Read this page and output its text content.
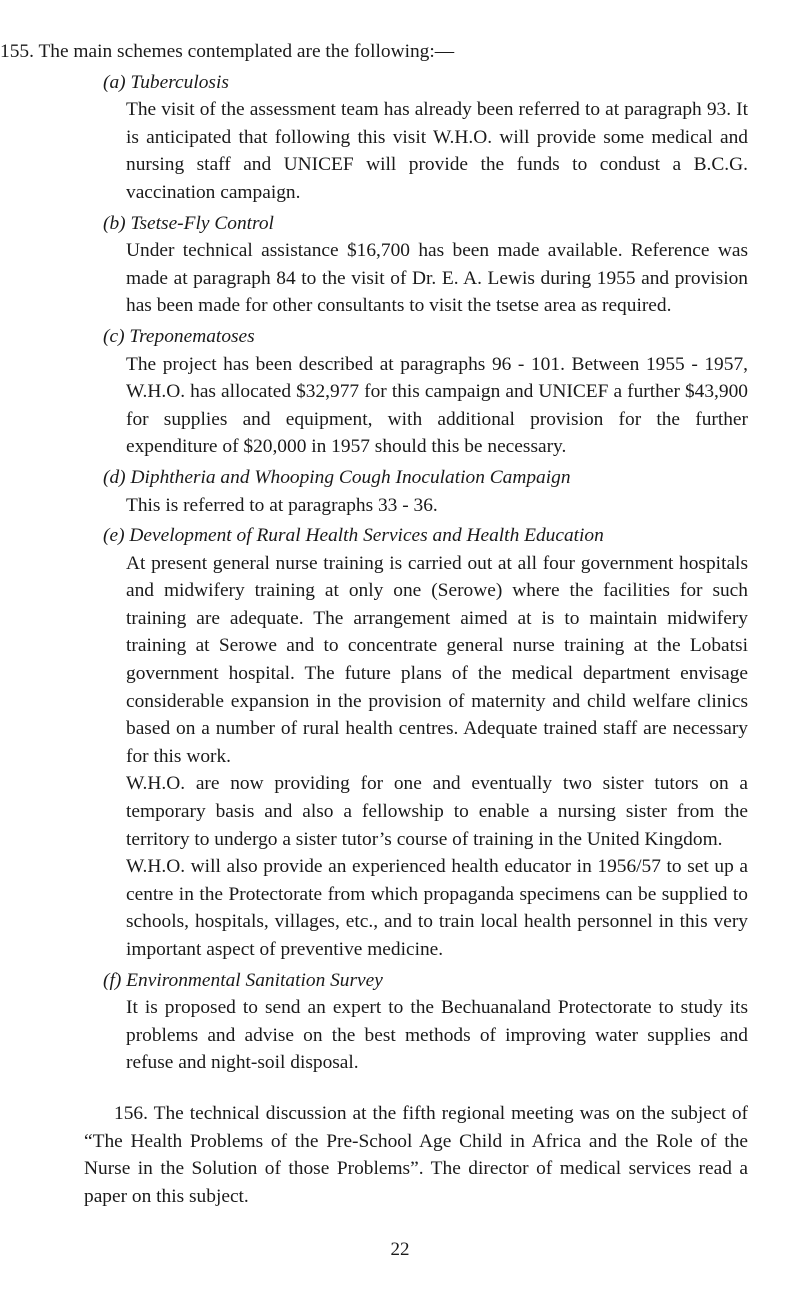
155. The main schemes contemplated are the following:—

(a) Tuberculosis

The visit of the assessment team has already been referred to at paragraph 93. It is anticipated that following this visit W.H.O. will provide some medical and nursing staff and UNICEF will provide the funds to condust a B.C.G. vaccination campaign.

(b) Tsetse-Fly Control

Under technical assistance $16,700 has been made available. Reference was made at paragraph 84 to the visit of Dr. E. A. Lewis during 1955 and provision has been made for other consultants to visit the tsetse area as required.

(c) Treponematoses

The project has been described at paragraphs 96 - 101. Between 1955 - 1957, W.H.O. has allocated $32,977 for this campaign and UNICEF a further $43,900 for supplies and equipment, with additional provision for the further expenditure of $20,000 in 1957 should this be necessary.

(d) Diphtheria and Whooping Cough Inoculation Campaign

This is referred to at paragraphs 33 - 36.

(e) Development of Rural Health Services and Health Education

At present general nurse training is carried out at all four government hospitals and midwifery training at only one (Serowe) where the facilities for such training are adequate. The arrangement aimed at is to maintain midwifery training at Serowe and to concentrate general nurse training at the Lobatsi government hospital. The future plans of the medical department envisage considerable expansion in the provision of maternity and child welfare clinics based on a number of rural health centres. Adequate trained staff are necessary for this work.

W.H.O. are now providing for one and eventually two sister tutors on a temporary basis and also a fellowship to enable a nursing sister from the territory to undergo a sister tutor’s course of training in the United Kingdom.

W.H.O. will also provide an experienced health educator in 1956/57 to set up a centre in the Protectorate from which propaganda specimens can be supplied to schools, hospitals, villages, etc., and to train local health personnel in this very important aspect of preventive medicine.

(f) Environmental Sanitation Survey

It is proposed to send an expert to the Bechuanaland Protectorate to study its problems and advise on the best methods of improving water supplies and refuse and night-soil disposal.

156. The technical discussion at the fifth regional meeting was on the subject of “The Health Problems of the Pre-School Age Child in Africa and the Role of the Nurse in the Solution of those Problems”. The director of medical services read a paper on this subject.

22
